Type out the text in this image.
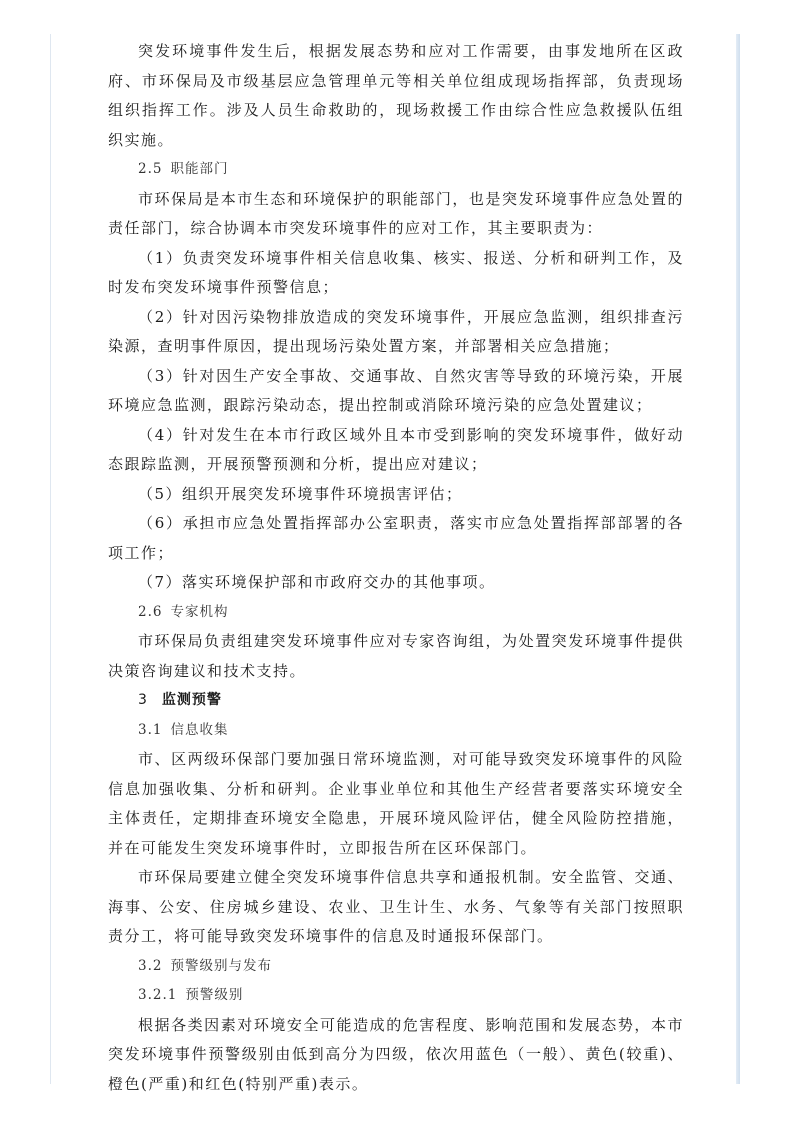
突发环境事件发生后，根据发展态势和应对工作需要，由事发地所在区政府、市环保局及市级基层应急管理单元等相关单位组成现场指挥部，负责现场组织指挥工作。涉及人员生命救助的，现场救援工作由综合性应急救援队伍组织实施。

2.5 职能部门

市环保局是本市生态和环境保护的职能部门，也是突发环境事件应急处置的责任部门，综合协调本市突发环境事件的应对工作，其主要职责为：

（1）负责突发环境事件相关信息收集、核实、报送、分析和研判工作，及时发布突发环境事件预警信息；

（2）针对因污染物排放造成的突发环境事件，开展应急监测，组织排查污染源，查明事件原因，提出现场污染处置方案，并部署相关应急措施；

（3）针对因生产安全事故、交通事故、自然灾害等导致的环境污染，开展环境应急监测，跟踪污染动态，提出控制或消除环境污染的应急处置建议；

（4）针对发生在本市行政区域外且本市受到影响的突发环境事件，做好动态跟踪监测，开展预警预测和分析，提出应对建议；

（5）组织开展突发环境事件环境损害评估；

（6）承担市应急处置指挥部办公室职责，落实市应急处置指挥部部署的各项工作；

（7）落实环境保护部和市政府交办的其他事项。

2.6 专家机构

市环保局负责组建突发环境事件应对专家咨询组，为处置突发环境事件提供决策咨询建议和技术支持。

3 监测预警

3.1 信息收集

市、区两级环保部门要加强日常环境监测，对可能导致突发环境事件的风险信息加强收集、分析和研判。企业事业单位和其他生产经营者要落实环境安全主体责任，定期排查环境安全隐患，开展环境风险评估，健全风险防控措施，并在可能发生突发环境事件时，立即报告所在区环保部门。

市环保局要建立健全突发环境事件信息共享和通报机制。安全监管、交通、海事、公安、住房城乡建设、农业、卫生计生、水务、气象等有关部门按照职责分工，将可能导致突发环境事件的信息及时通报环保部门。

3.2 预警级别与发布

3.2.1 预警级别

根据各类因素对环境安全可能造成的危害程度、影响范围和发展态势，本市突发环境事件预警级别由低到高分为四级，依次用蓝色（一般）、黄色(较重)、橙色(严重)和红色(特别严重)表示。
